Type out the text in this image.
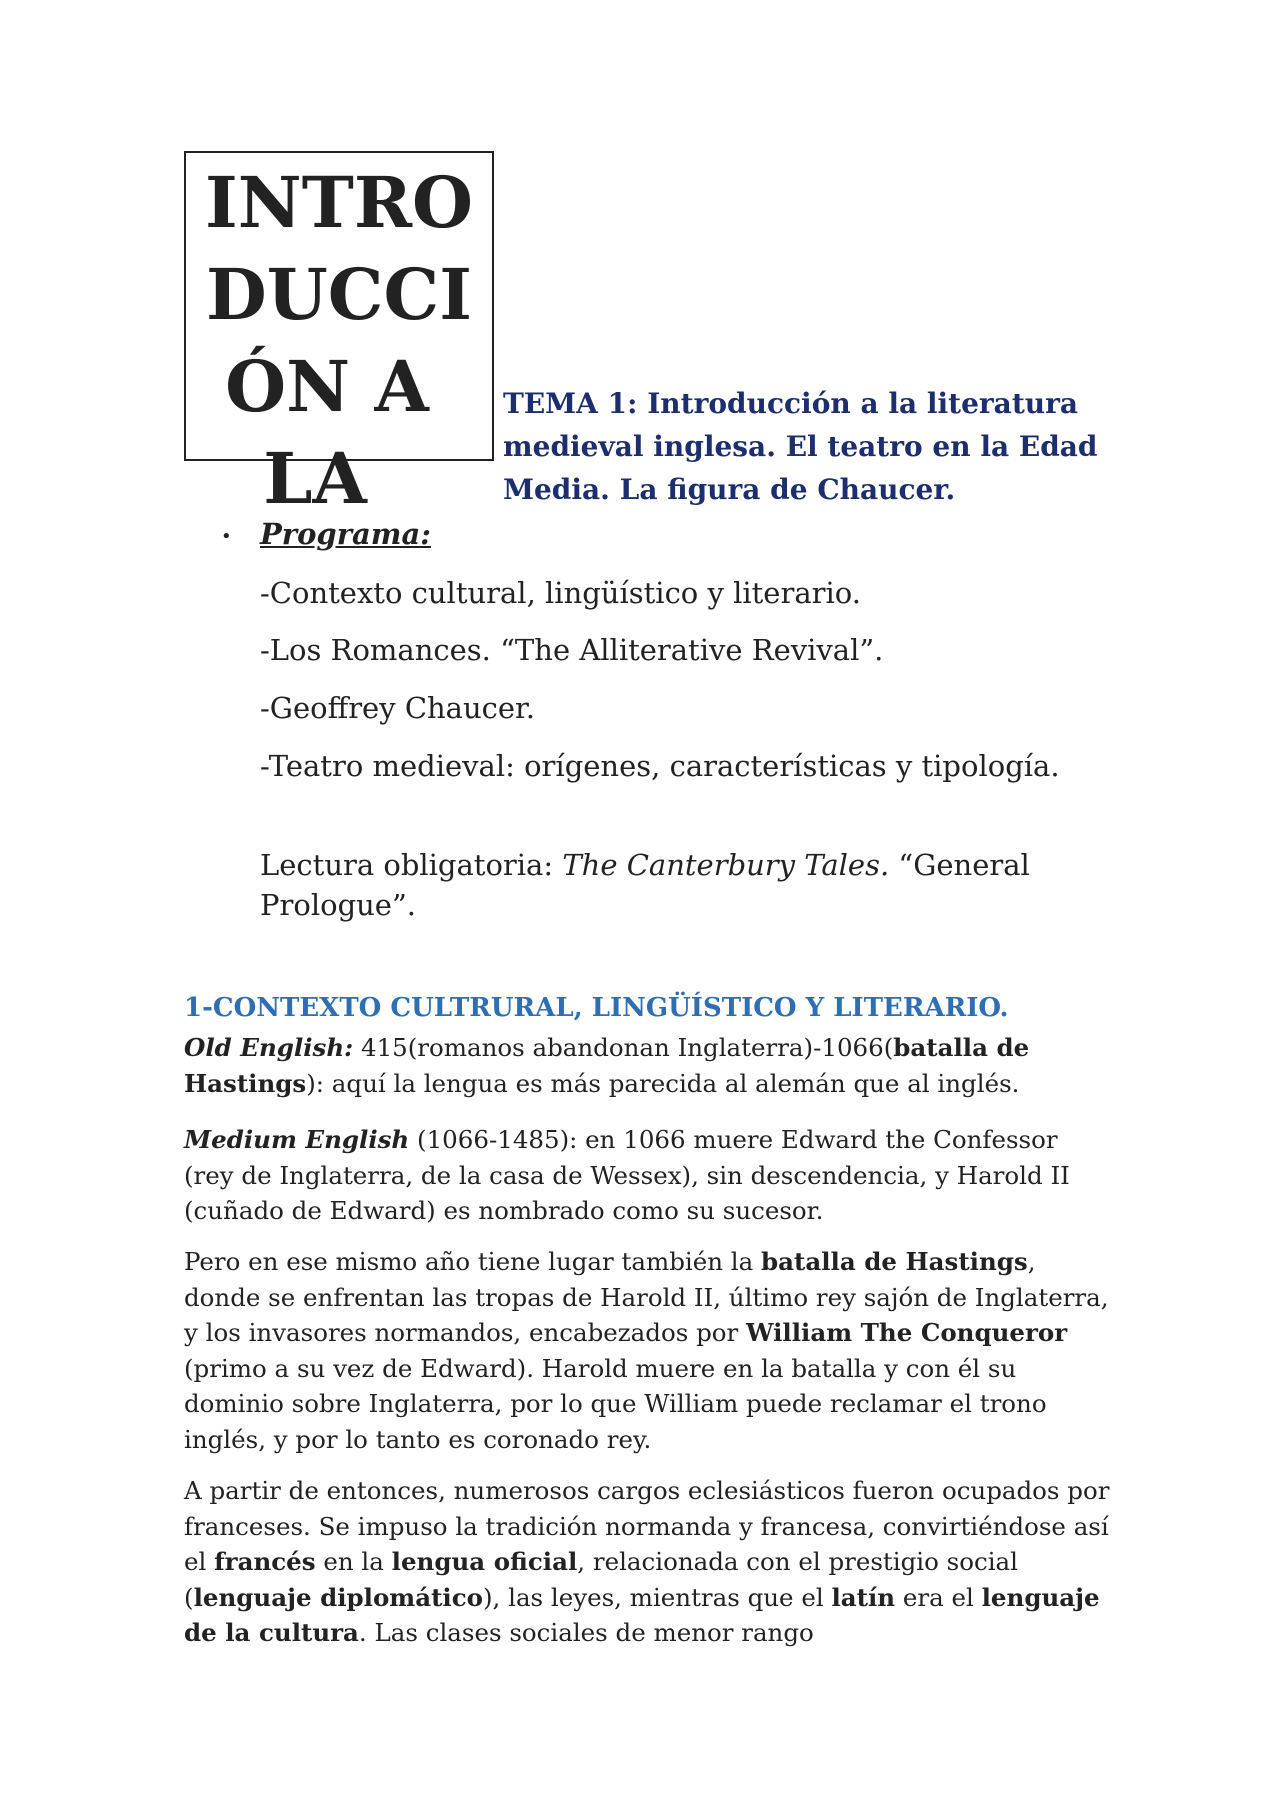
INTRO
DUCCI
ÓN A
LA
TEMA 1: Introducción a la literatura medieval inglesa. El teatro en la Edad Media. La figura de Chaucer.
• Programa:
-Contexto cultural, lingüístico y literario.
-Los Romances. “The Alliterative Revival”.
-Geoffrey Chaucer.
-Teatro medieval: orígenes, características y tipología.
Lectura obligatoria: The Canterbury Tales. “General Prologue”.
1-CONTEXTO CULTRURAL, LINGÜÍSTICO Y LITERARIO.
Old English: 415(romanos abandonan Inglaterra)-1066(batalla de Hastings): aquí la lengua es más parecida al alemán que al inglés.
Medium English (1066-1485): en 1066 muere Edward the Confessor (rey de Inglaterra, de la casa de Wessex), sin descendencia, y Harold II (cuñado de Edward) es nombrado como su sucesor.
Pero en ese mismo año tiene lugar también la batalla de Hastings, donde se enfrentan las tropas de Harold II, último rey sajón de Inglaterra, y los invasores normandos, encabezados por William The Conqueror (primo a su vez de Edward). Harold muere en la batalla y con él su dominio sobre Inglaterra, por lo que William puede reclamar el trono inglés, y por lo tanto es coronado rey.
A partir de entonces, numerosos cargos eclesiásticos fueron ocupados por franceses. Se impuso la tradición normanda y francesa, convirtiéndose así el francés en la lengua oficial, relacionada con el prestigio social (lenguaje diplomático), las leyes, mientras que el latín era el lenguaje de la cultura. Las clases sociales de menor rango
